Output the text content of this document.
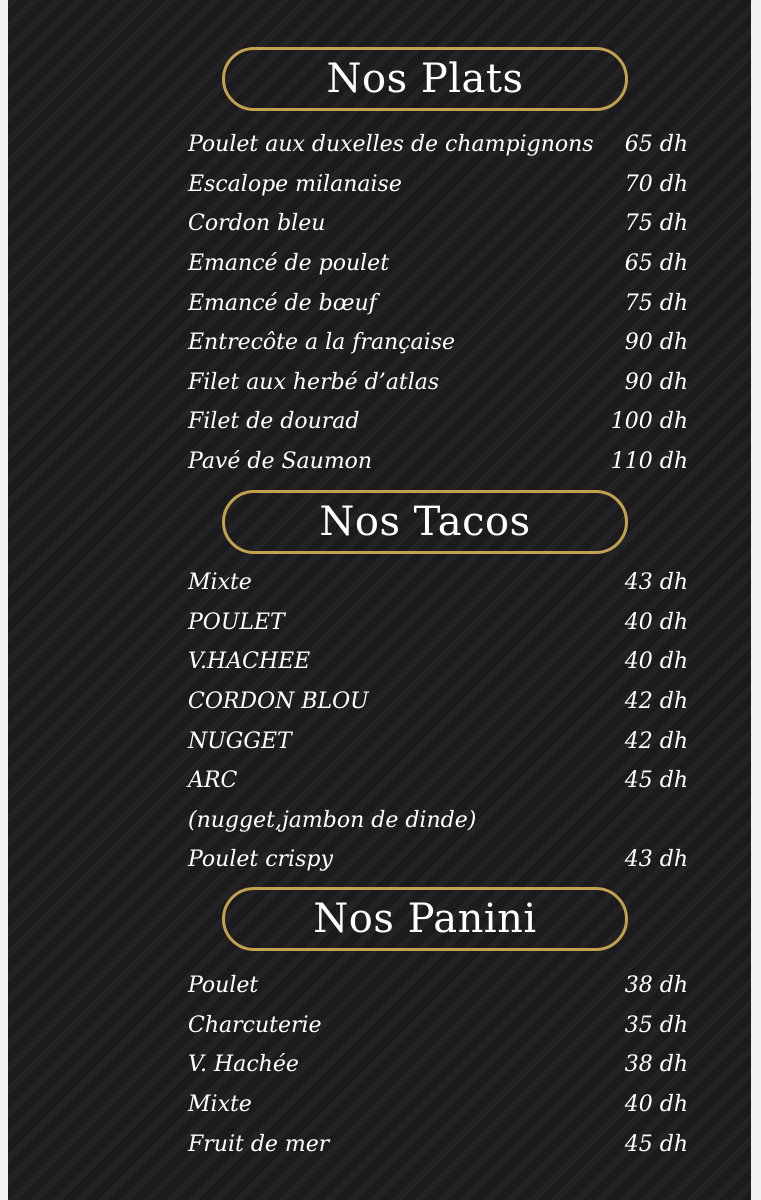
Nos Plats
Poulet aux duxelles de champignons	65 dh
Escalope milanaise	70 dh
Cordon bleu	75 dh
Emancé de poulet	65 dh
Emancé de bœuf	75 dh
Entrecôte a la française	90 dh
Filet aux herbé d’atlas	90 dh
Filet de dourad	100 dh
Pavé de Saumon	110 dh
Nos Tacos
Mixte	43 dh
POULET	40 dh
V.HACHEE	40 dh
CORDON BLOU	42 dh
NUGGET	42 dh
ARC	45 dh
(nugget,jambon de dinde)
Poulet crispy	43 dh
Nos Panini
Poulet	38 dh
Charcuterie	35 dh
V. Hachée	38 dh
Mixte	40 dh
Fruit de mer	45 dh
